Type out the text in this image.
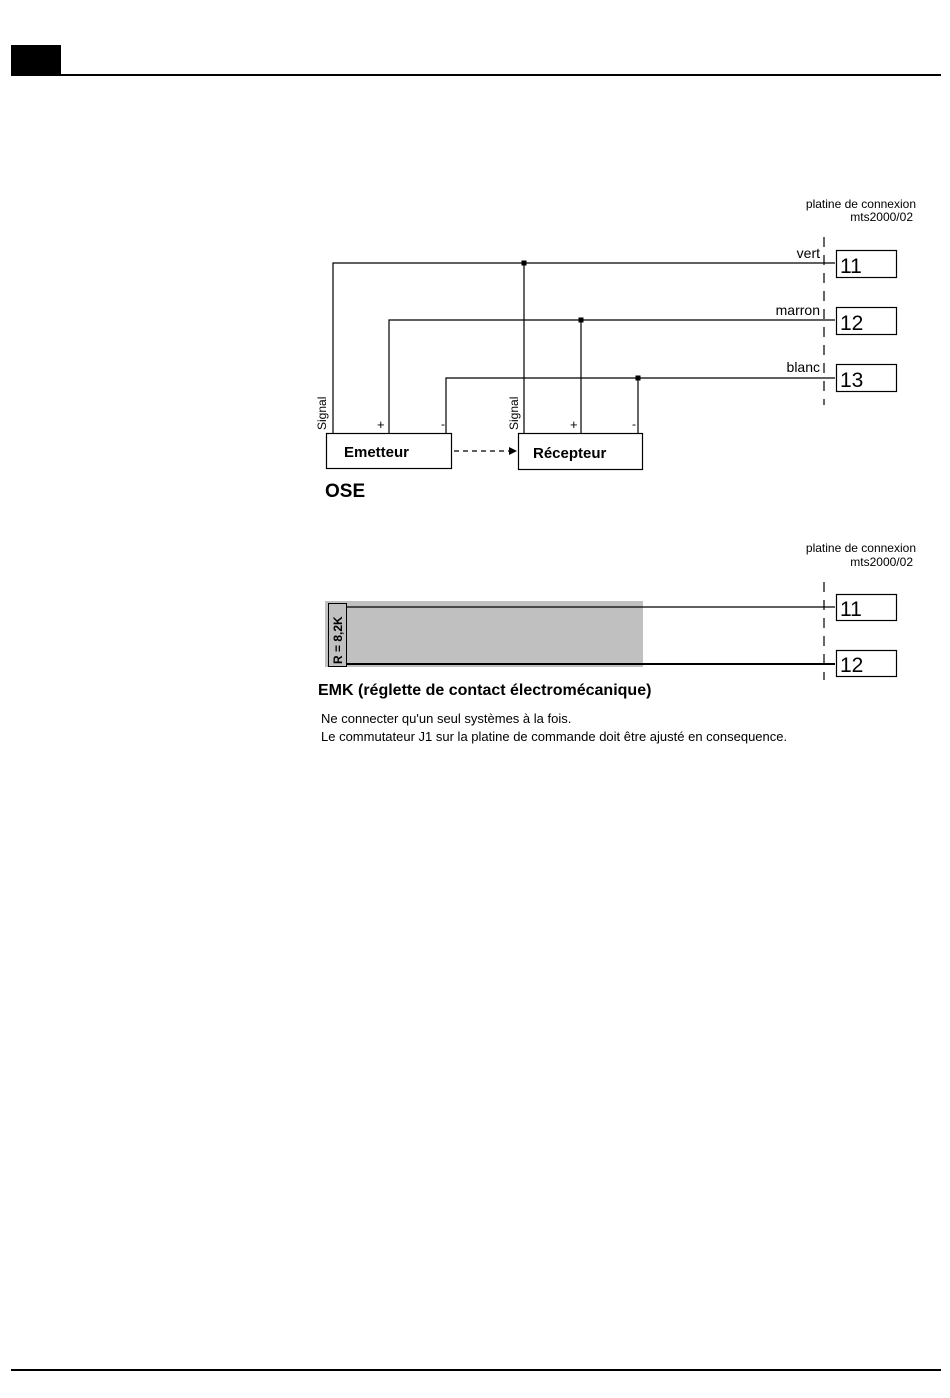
platine de connexion
mts2000/02
vert
marron
blanc
11
12
13
Emetteur	Récepteur
Signal	Signal
+	-	+	-
OSE
platine de connexion
mts2000/02
11
12
R = 8,2K
EMK (réglette de contact électromécanique)
Ne connecter qu'un seul systèmes à la fois.
Le commutateur J1 sur la platine de commande doit être ajusté en consequence.
